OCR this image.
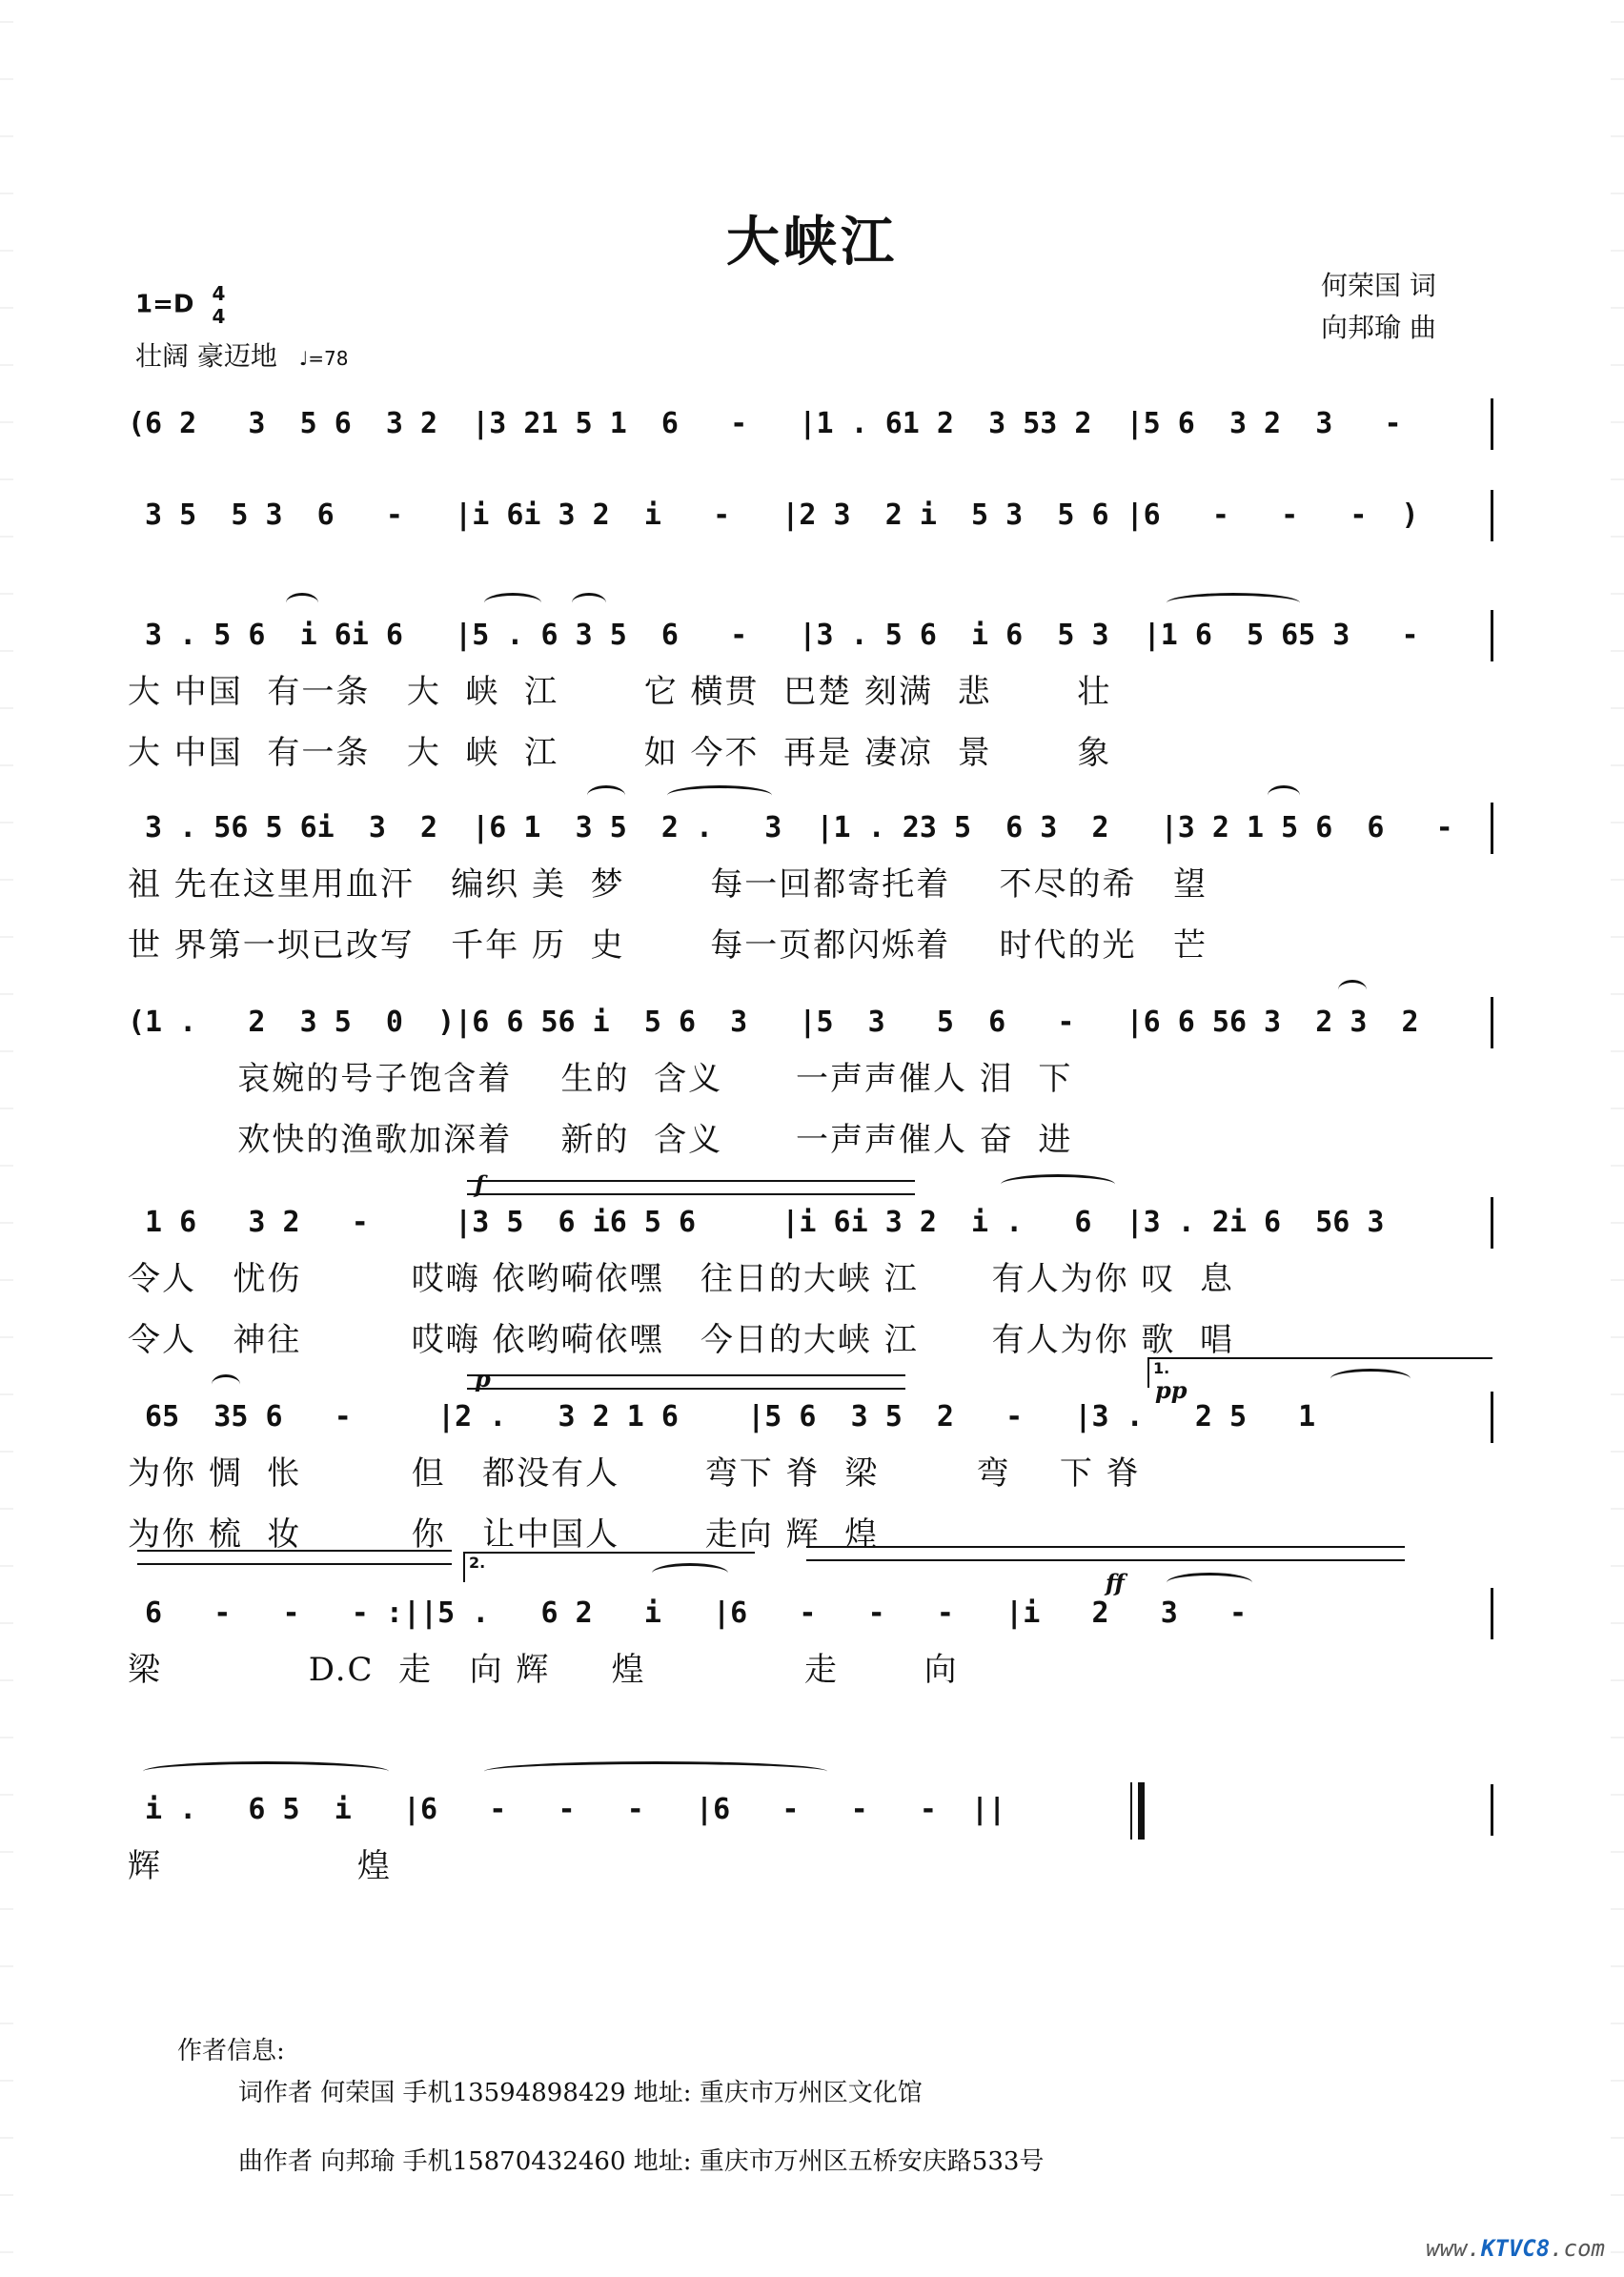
大峡江
1=D 4
4
壮阔 豪迈地 ♩=78
何荣国 词
向邦瑜 曲
(6 2   3  5 6  3 2  |3 21 5 1  6   -   |1 . 61 2  3 53 2  |5 6  3 2  3   -
3 5  5 3  6   -   |i 6i 3 2  i   -   |2 3  2 i  5 3  5 6 |6   -   -   -  )
3 . 5 6  i 6i 6   |5 . 6 3 5  6   -   |3 . 5 6  i 6  5 3  |1 6  5 65 3   -
大 中国  有一条   大  峡  江       它 横贯  巴楚 刻满  悲       壮
大 中国  有一条   大  峡  江       如 今不  再是 凄凉  景       象
3 . 56 5 6i  3  2  |6 1  3 5  2 .   3  |1 . 23 5  6 3  2   |3 2 1 5 6  6   -
祖 先在这里用血汗   编织 美  梦       每一回都寄托着    不尽的希   望
世 界第一坝已改写   千年 历  史       每一页都闪烁着    时代的光   芒
(1 .   2  3 5  0  )|6 6 56 i  5 6  3   |5  3   5  6   -   |6 6 56 3  2 3  2
哀婉的号子饱含着    生的  含义      一声声催人 泪  下
欢快的渔歌加深着    新的  含义      一声声催人 奋  进
1 6   3 2   -     |3 5  6 i6 5 6     |i 6i 3 2  i .   6  |3 . 2i 6  56 3
令人   忧伤         哎嗨 依哟嗬依嘿   往日的大峡 江      有人为你 叹  息
令人   神往         哎嗨 依哟嗬依嘿   今日的大峡 江      有人为你 歌  唱
65  35 6   -     |2 .   3 2 1 6    |5 6  3 5  2   -   |3 .   2 5   1
为你 惆  怅         但   都没有人       弯下 脊  梁        弯    下 脊
为你 梳  妆         你   让中国人       走向 辉  煌
6   -   -   - :||5 .   6 2   i   |6   -   -   -   |i   2   3   -
梁            D.C  走   向 辉     煌             走       向
i .   6 5  i   |6   -   -   -   |6   -   -   -  ||
辉                煌
f
p	pp
ff
1.
2.
作者信息:
词作者 何荣国 手机13594898429 地址: 重庆市万州区文化馆
曲作者 向邦瑜 手机15870432460 地址: 重庆市万州区五桥安庆路533号
www.KTVC8.com
